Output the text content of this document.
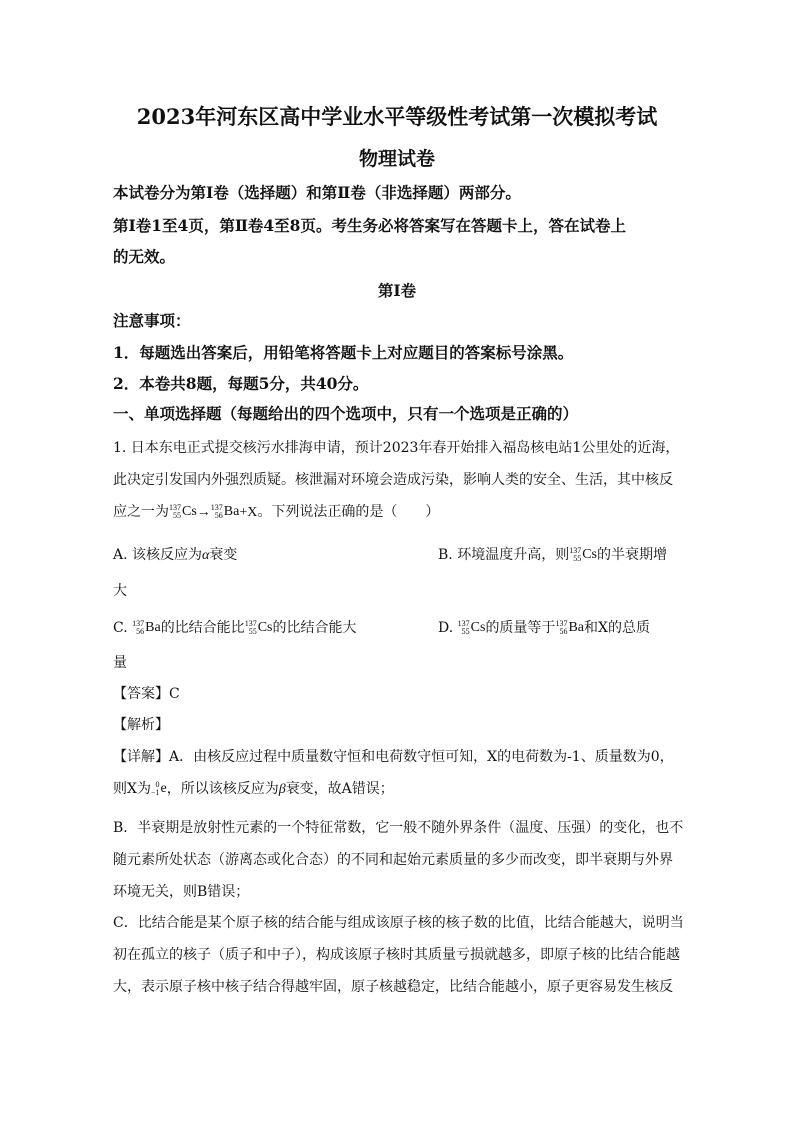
2023年河东区高中学业水平等级性考试第一次模拟考试
物理试卷
本试卷分为第Ⅰ卷（选择题）和第Ⅱ卷（非选择题）两部分。
第Ⅰ卷1至4页，第Ⅱ卷4至8页。考生务必将答案写在答题卡上，答在试卷上
的无效。
第Ⅰ卷
注意事项：
1．每题选出答案后，用铅笔将答题卡上对应题目的答案标号涂黑。
2．本卷共8题，每题5分，共40分。
一、单项选择题（每题给出的四个选项中，只有一个选项是正确的）
1. 日本东电正式提交核污水排海申请，预计2023年春开始排入福岛核电站1公里处的近海，
此决定引发国内外强烈质疑。核泄漏对环境会造成污染，影响人类的安全、生活，其中核反
应之一为 137
55 Cs→ 137
56 Ba+X。下列说法正确的是（　　）
A. 该核反应为α衰变	B. 环境温度升高，则 137
55 Cs的半衰期增
大
C. 137
56 Ba的比结合能比 137
55 Cs的比结合能大	D. 137
55 Cs的质量等于 137
56 Ba和X的总质
量
【答案】C
【解析】
【详解】A．由核反应过程中质量数守恒和电荷数守恒可知，X的电荷数为-1、质量数为0，
则X为 0
−1 e，所以该核反应为β衰变，故A错误；
B．半衰期是放射性元素的一个特征常数，它一般不随外界条件（温度、压强）的变化，也不
随元素所处状态（游离态或化合态）的不同和起始元素质量的多少而改变，即半衰期与外界
环境无关，则B错误；
C．比结合能是某个原子核的结合能与组成该原子核的核子数的比值，比结合能越大，说明当
初在孤立的核子（质子和中子），构成该原子核时其质量亏损就越多，即原子核的比结合能越
大，表示原子核中核子结合得越牢固，原子核越稳定，比结合能越小，原子更容易发生核反
